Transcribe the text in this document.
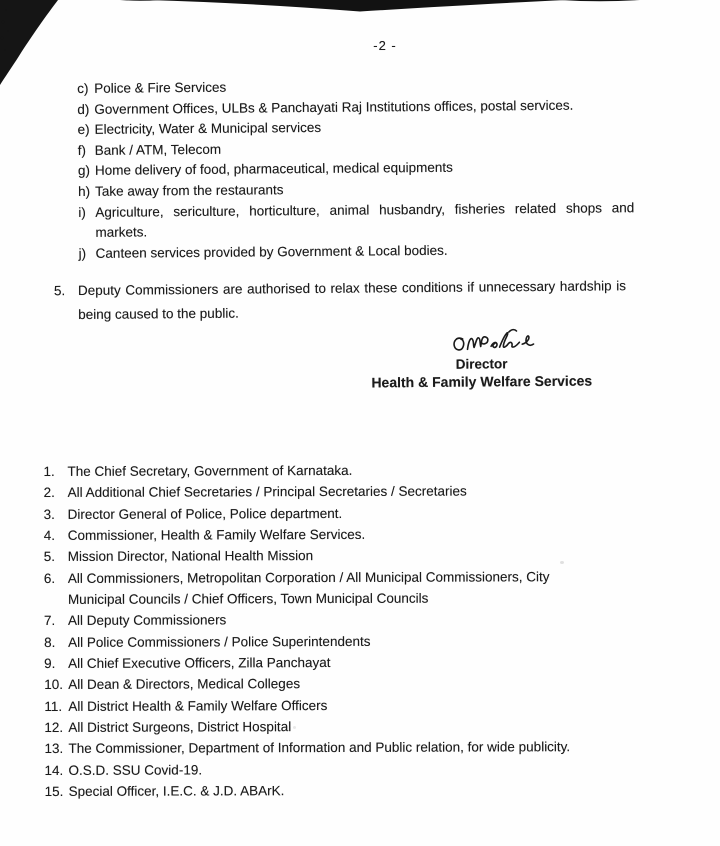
-2 -
c) Police & Fire Services
d) Government Offices, ULBs & Panchayati Raj Institutions offices, postal services.
e) Electricity, Water & Municipal services
f) Bank / ATM, Telecom
g) Home delivery of food, pharmaceutical, medical equipments
h) Take away from the restaurants
i) Agriculture, sericulture, horticulture, animal husbandry, fisheries related shops and markets.
j) Canteen services provided by Government & Local bodies.
5. Deputy Commissioners are authorised to relax these conditions if unnecessary hardship is being caused to the public.
Director
Health & Family Welfare Services
1. The Chief Secretary, Government of Karnataka.
2. All Additional Chief Secretaries / Principal Secretaries / Secretaries
3. Director General of Police, Police department.
4. Commissioner, Health & Family Welfare Services.
5. Mission Director, National Health Mission
6. All Commissioners, Metropolitan Corporation / All Municipal Commissioners, City Municipal Councils / Chief Officers, Town Municipal Councils
7. All Deputy Commissioners
8. All Police Commissioners / Police Superintendents
9. All Chief Executive Officers, Zilla Panchayat
10. All Dean & Directors, Medical Colleges
11. All District Health & Family Welfare Officers
12. All District Surgeons, District Hospital
13. The Commissioner, Department of Information and Public relation, for wide publicity.
14. O.S.D. SSU Covid-19.
15. Special Officer, I.E.C. & J.D. ABArK.
